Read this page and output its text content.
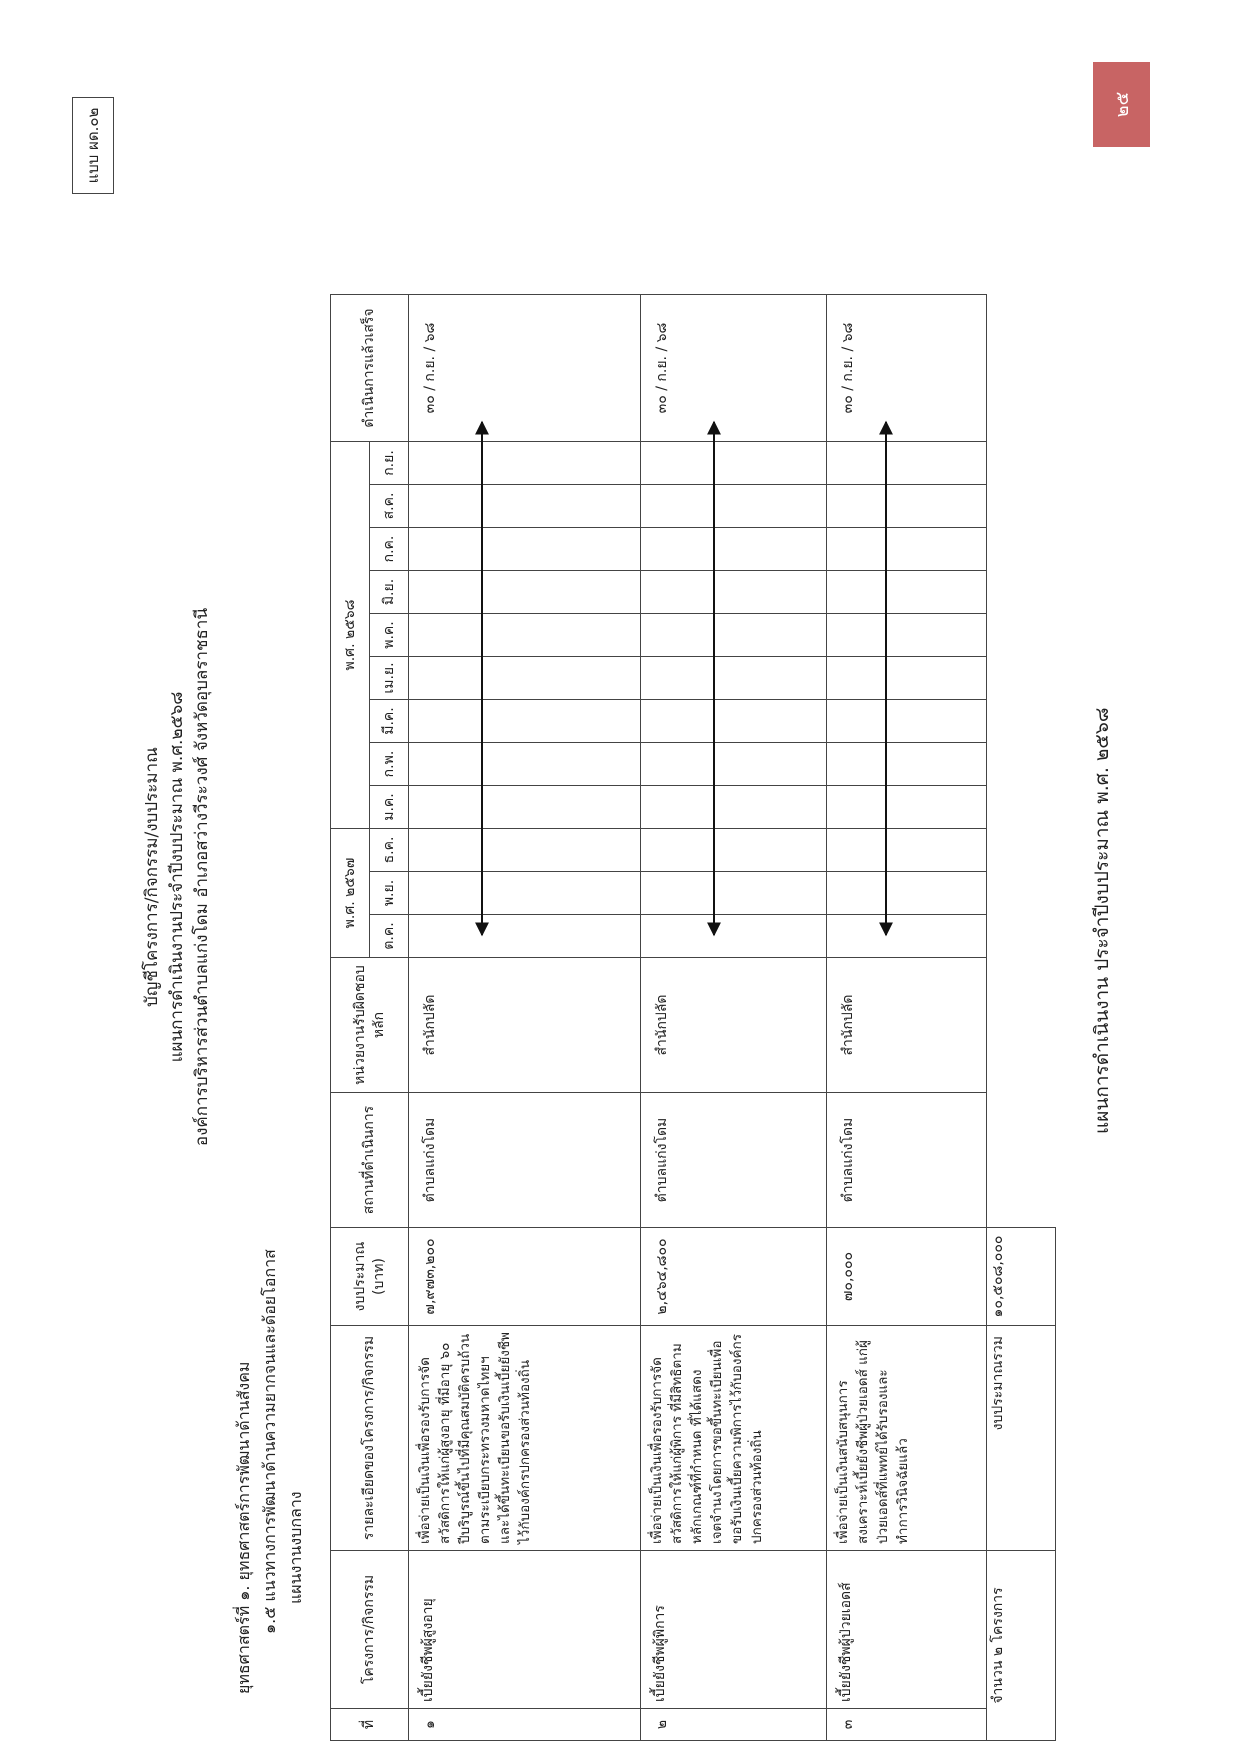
แบบ ผด.๐๒
บัญชีโครงการ/กิจกรรม/งบประมาณ แผนการดำเนินงานประจำปีงบประมาณ พ.ศ.๒๕๖๘ องค์การบริหารส่วนตำบลแก่งโดม อำเภอสว่างวีระวงศ์ จังหวัดอุบลราชธานี
ยุทธศาสตร์ที่ ๑. ยุทธศาสตร์การพัฒนาด้านสังคม ๑.๕ แนวทางการพัฒนาด้านความยากจนและด้อยโอกาส แผนงานงบกลาง
ที่	โครงการ/กิจกรรม	รายละเอียดของโครงการ/กิจกรรม	งบประมาณ (บาท)	สถานที่ดำเนินการ	หน่วยงานรับผิดชอบหลัก	พ.ศ. ๒๕๖๗			พ.ศ. ๒๕๖๘									ดำเนินการแล้วเสร็จ
						ต.ค.	พ.ย.	ธ.ค.	ม.ค.	ก.พ.	มี.ค.	เม.ย.	พ.ค.	มิ.ย.	ก.ค.	ส.ค.	ก.ย.	
๑	เบี้ยยังชีพผู้สูงอายุ	เพื่อจ่ายเป็นเงินเพื่อรองรับการจัดสวัสดิการให้แก่ผู้สูงอายุ ที่มีอายุ ๖๐ ปีบริบูรณ์ขึ้นไปที่มีคุณสมบัติครบถ้วนตามระเบียบกระทรวงมหาดไทยฯ และได้ขึ้นทะเบียนขอรับเงินเบี้ยยังชีพไว้กับองค์กรปกครองส่วนท้องถิ่น	๗,๙๗๓,๒๐๐	ตำบลแก่งโดม	สำนักปลัด													๓๐ / ก.ย. / ๖๘
๒	เบี้ยยังชีพผู้พิการ	เพื่อจ่ายเป็นเงินเพื่อรองรับการจัดสวัสดิการให้แก่ผู้พิการ ที่มีสิทธิตามหลักเกณฑ์ที่กำหนด ที่ได้แสดงเจตจำนงโดยการขอขึ้นทะเบียนเพื่อขอรับเงินเบี้ยความพิการไว้กับองค์กรปกครองส่วนท้องถิ่น	๒,๔๖๔,๘๐๐	ตำบลแก่งโดม	สำนักปลัด													๓๐ / ก.ย. / ๖๘
๓	เบี้ยยังชีพผู้ป่วยเอดส์	เพื่อจ่ายเป็นเงินสนับสนุนการสงเคราะห์เบี้ยยังชีพผู้ป่วยเอดส์ แก่ผู้ป่วยเอดส์ที่แพทย์ได้รับรองและทำการวินิจฉัยแล้ว	๗๐,๐๐๐	ตำบลแก่งโดม	สำนักปลัด													๓๐ / ก.ย. / ๖๘
จำนวน ๒ โครงการ		งบประมาณรวม	๑๐,๕๐๘,๐๐๐															
แผนการดำเนินงาน ประจำปีงบประมาณ พ.ศ. ๒๕๖๘
๒๕
